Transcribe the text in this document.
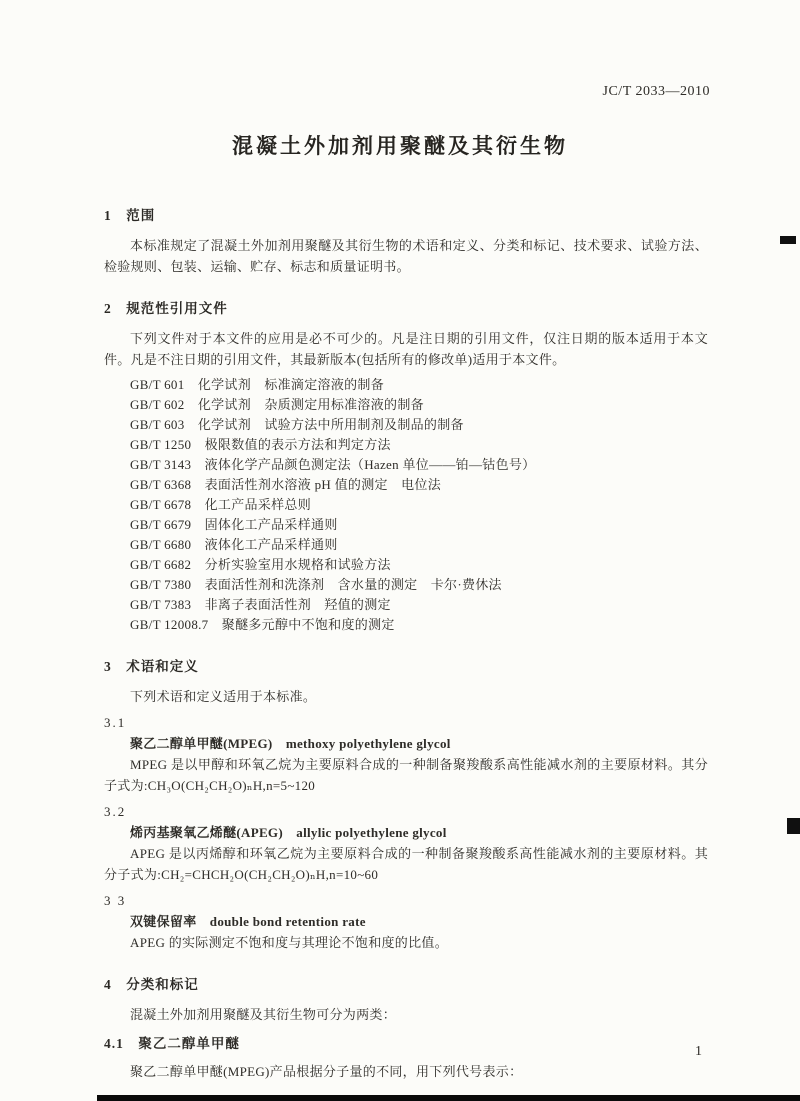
JC/T 2033—2010
混凝土外加剂用聚醚及其衍生物
1　范围

本标准规定了混凝土外加剂用聚醚及其衍生物的术语和定义、分类和标记、技术要求、试验方法、检验规则、包装、运输、贮存、标志和质量证明书。

2　规范性引用文件

下列文件对于本文件的应用是必不可少的。凡是注日期的引用文件，仅注日期的版本适用于本文件。凡是不注日期的引用文件，其最新版本(包括所有的修改单)适用于本文件。

GB/T 601　化学试剂　标准滴定溶液的制备
GB/T 602　化学试剂　杂质测定用标准溶液的制备
GB/T 603　化学试剂　试验方法中所用制剂及制品的制备
GB/T 1250　极限数值的表示方法和判定方法
GB/T 3143　液体化学产品颜色测定法（Hazen 单位——铂—钴色号）
GB/T 6368　表面活性剂水溶液 pH 值的测定　电位法
GB/T 6678　化工产品采样总则
GB/T 6679　固体化工产品采样通则
GB/T 6680　液体化工产品采样通则
GB/T 6682　分析实验室用水规格和试验方法
GB/T 7380　表面活性剂和洗涤剂　含水量的测定　卡尔·费休法
GB/T 7383　非离子表面活性剂　羟值的测定
GB/T 12008.7　聚醚多元醇中不饱和度的测定
3　术语和定义

下列术语和定义适用于本标准。

3.1
聚乙二醇单甲醚(MPEG)　methoxy polyethylene glycol

MPEG 是以甲醇和环氧乙烷为主要原料合成的一种制备聚羧酸系高性能减水剂的主要原材料。其分子式为:CH₃O(CH₂CH₂O)ₙH,n=5~120

3.2
烯丙基聚氧乙烯醚(APEG)　allylic polyethylene glycol

APEG 是以丙烯醇和环氧乙烷为主要原料合成的一种制备聚羧酸系高性能减水剂的主要原材料。其分子式为:CH₂=CHCH₂O(CH₂CH₂O)ₙH,n=10~60

3 3
双键保留率　double bond retention rate

APEG 的实际测定不饱和度与其理论不饱和度的比值。

4　分类和标记

混凝土外加剂用聚醚及其衍生物可分为两类：

4.1　聚乙二醇单甲醚

聚乙二醇单甲醚(MPEG)产品根据分子量的不同，用下列代号表示：

1
